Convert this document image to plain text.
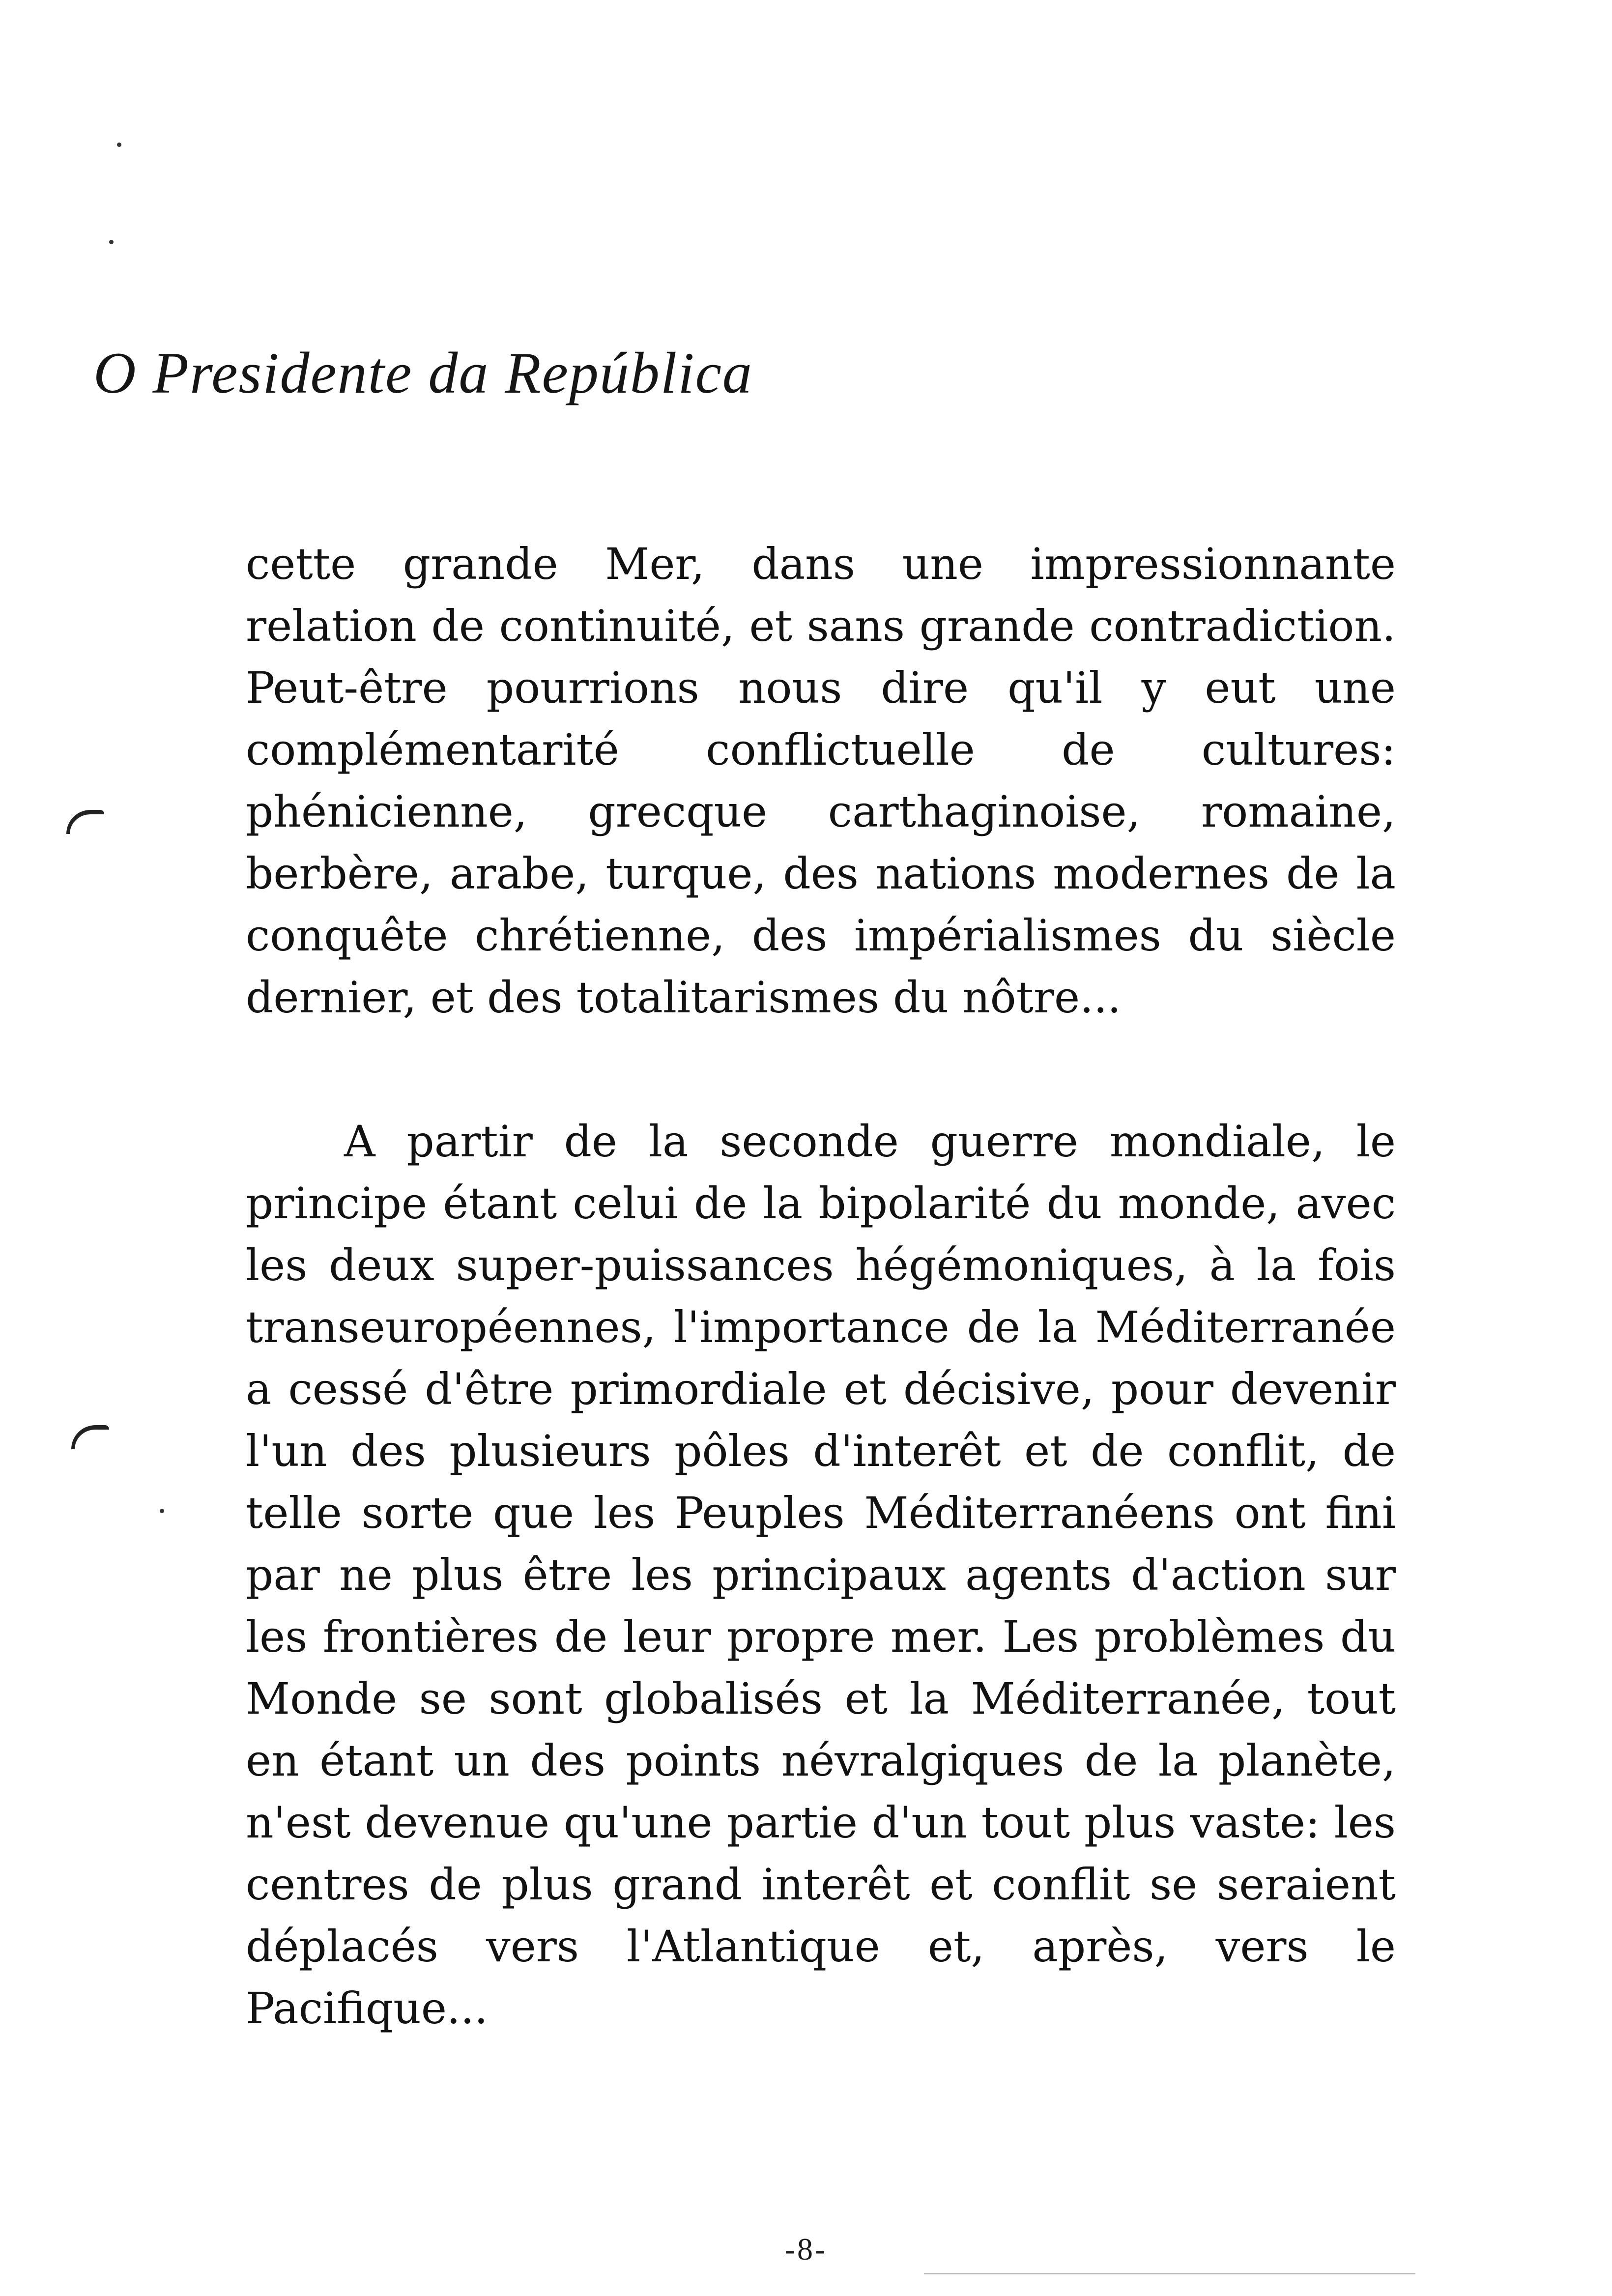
O Presidente da República
cette grande Mer, dans une impressionnante relation de continuité, et sans grande contradiction. Peut-être pourrions nous dire qu'il y eut une complémentarité conflictuelle de cultures: phénicienne, grecque carthaginoise, romaine, berbère, arabe, turque, des nations modernes de la conquête chrétienne, des impérialismes du siècle dernier, et des totalitarismes du nôtre...
A partir de la seconde guerre mondiale, le principe étant celui de la bipolarité du monde, avec les deux super-puissances hégémoniques, à la fois transeuropéennes, l'importance de la Méditerranée a cessé d'être primordiale et décisive, pour devenir l'un des plusieurs pôles d'interêt et de conflit, de telle sorte que les Peuples Méditerranéens ont fini par ne plus être les principaux agents d'action sur les frontières de leur propre mer. Les problèmes du Monde se sont globalisés et la Méditerranée, tout en étant un des points névralgiques de la planète, n'est devenue qu'une partie d'un tout plus vaste: les centres de plus grand interêt et conflit se seraient déplacés vers l'Atlantique et, après, vers le Pacifique...
-8-
